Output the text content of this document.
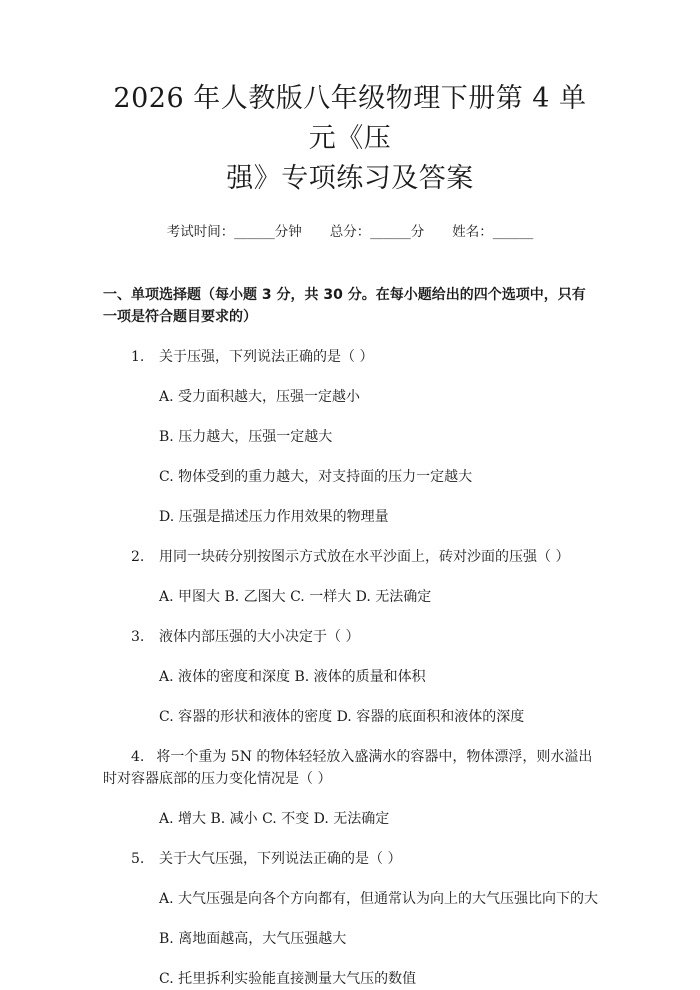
2026 年人教版八年级物理下册第 4 单元《压
强》专项练习及答案
考试时间：______分钟 总分：______分 姓名：______
一、单项选择题（每小题 3 分，共 30 分。在每小题给出的四个选项中，只有一项是符合题目要求的）
1. 关于压强，下列说法正确的是（ ）
A. 受力面积越大，压强一定越小
B. 压力越大，压强一定越大
C. 物体受到的重力越大，对支持面的压力一定越大
D. 压强是描述压力作用效果的物理量
2. 用同一块砖分别按图示方式放在水平沙面上，砖对沙面的压强（ ）
A. 甲图大 B. 乙图大 C. 一样大 D. 无法确定
3. 液体内部压强的大小决定于（ ）
A. 液体的密度和深度 B. 液体的质量和体积
C. 容器的形状和液体的密度 D. 容器的底面积和液体的深度
4. 将一个重为 5N 的物体轻轻放入盛满水的容器中，物体漂浮，则水溢出时对容器底部的压力变化情况是（ ）
A. 增大 B. 减小 C. 不变 D. 无法确定
5. 关于大气压强，下列说法正确的是（ ）
A. 大气压强是向各个方向都有，但通常认为向上的大气压强比向下的大
B. 离地面越高，大气压强越大
C. 托里拆利实验能直接测量大气压的数值
